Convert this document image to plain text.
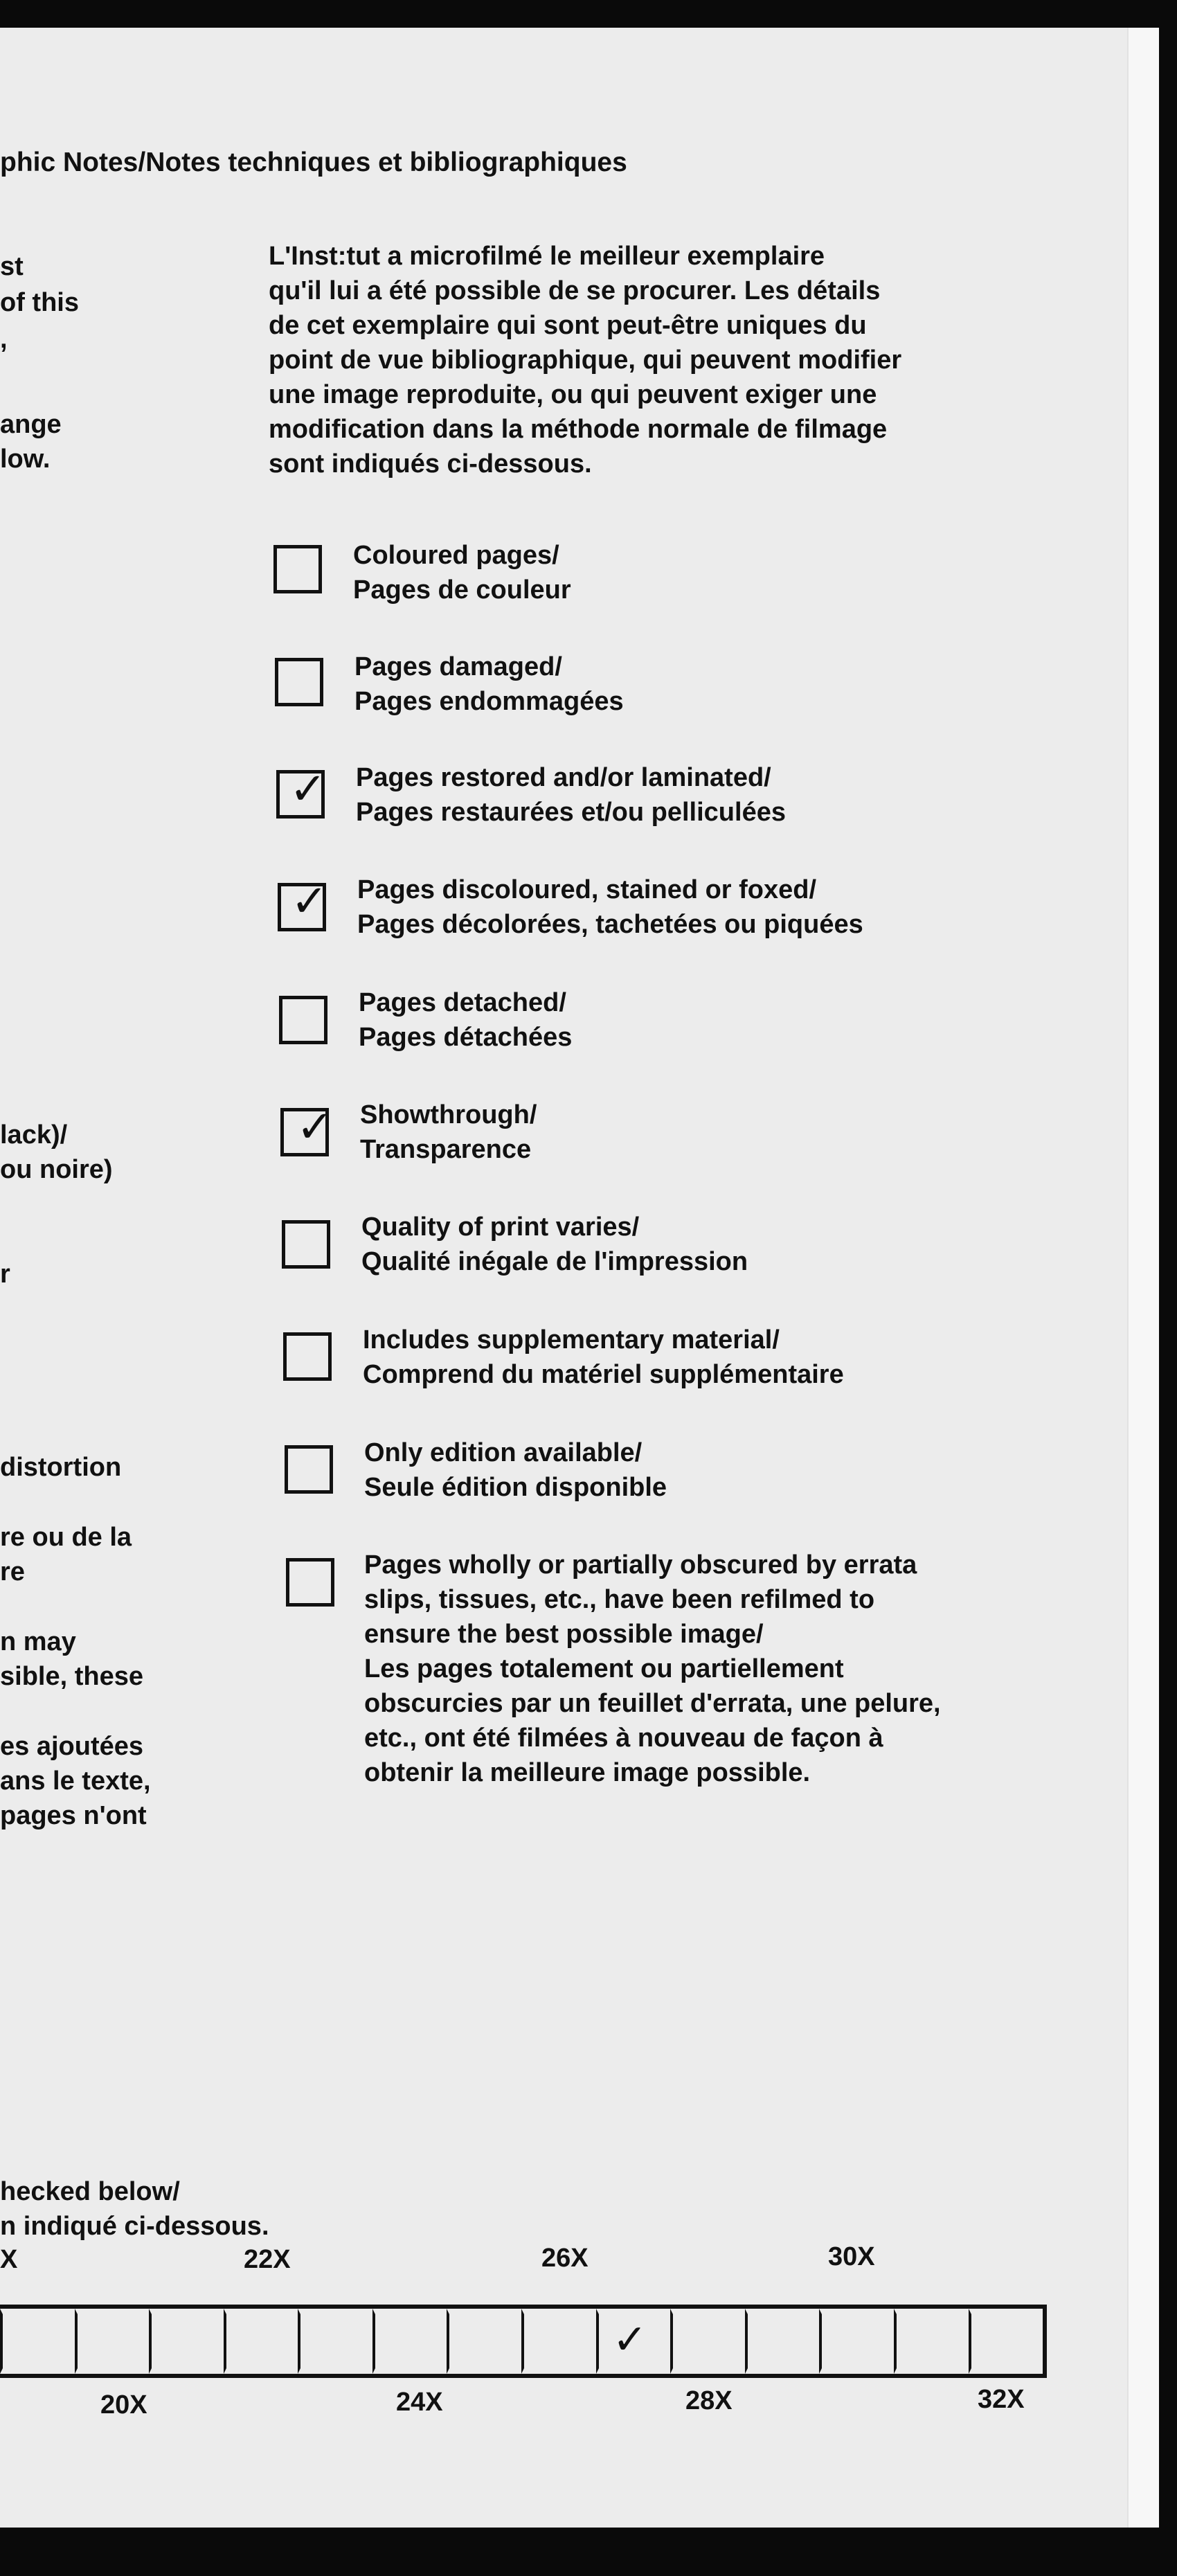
phic Notes/Notes techniques et bibliographiques
st
of this
,
ange
low.
lack)/
ou noire)
r
distortion
re ou de la
re
n may
sible, these
es ajoutées
ans le texte,
pages n'ont
hecked below/
n indiqué ci-dessous.
L'Inst:tut a microfilmé le meilleur exemplaire
qu'il lui a été possible de se procurer. Les détails
de cet exemplaire qui sont peut-être uniques du
point de vue bibliographique, qui peuvent modifier
une image reproduite, ou qui peuvent exiger une
modification dans la méthode normale de filmage
sont indiqués ci-dessous.
Coloured pages/
Pages de couleur
Pages damaged/
Pages endommagées
✓ Pages restored and/or laminated/
Pages restaurées et/ou pelliculées
✓ Pages discoloured, stained or foxed/
Pages décolorées, tachetées ou piquées
Pages detached/
Pages détachées
✓ Showthrough/
Transparence
Quality of print varies/
Qualité inégale de l'impression
Includes supplementary material/
Comprend du matériel supplémentaire
Only edition available/
Seule édition disponible
Pages wholly or partially obscured by errata
slips, tissues, etc., have been refilmed to
ensure the best possible image/
Les pages totalement ou partiellement
obscurcies par un feuillet d'errata, une pelure,
etc., ont été filmées à nouveau de façon à
obtenir la meilleure image possible.
X	22X	26X	30X
✓
20X	24X	28X	32X
